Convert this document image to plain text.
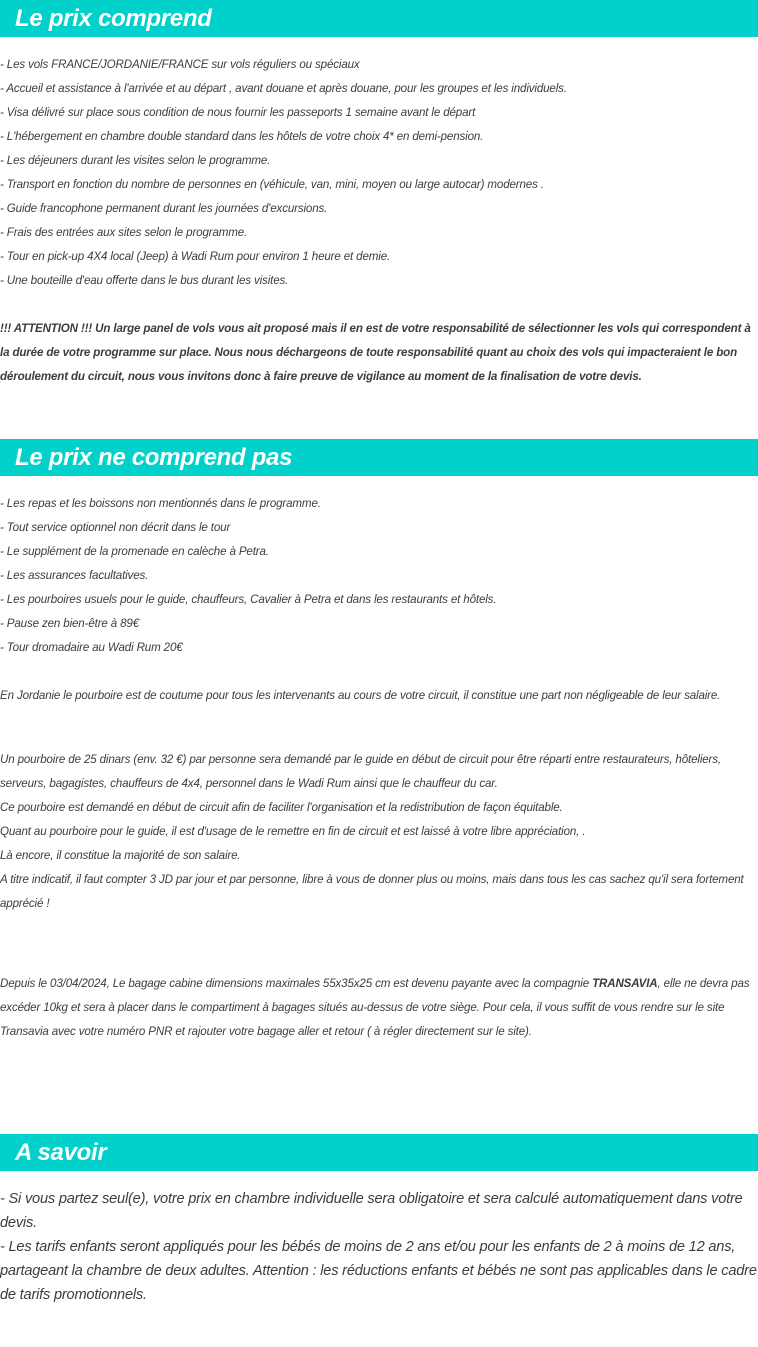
Le prix comprend

- Les vols FRANCE/JORDANIE/FRANCE sur vols réguliers ou spéciaux

- Accueil et assistance à l'arrivée et au départ , avant douane et après douane, pour les groupes et les individuels.

- Visa délivré sur place sous condition de nous fournir les passeports 1 semaine avant le départ

- L'hébergement en chambre double standard dans les hôtels de votre choix 4* en demi-pension.

- Les déjeuners durant les visites selon le programme.

- Transport en fonction du nombre de personnes en (véhicule, van, mini, moyen ou large autocar) modernes .

- Guide francophone permanent durant les journées d'excursions.

- Frais des entrées aux sites selon le programme.

- Tour en pick-up 4X4 local (Jeep) à Wadi Rum pour environ 1 heure et demie.

- Une bouteille d'eau offerte dans le bus durant les visites.

!!! ATTENTION !!! Un large panel de vols vous ait proposé mais il en est de votre responsabilité de sélectionner les vols qui correspondent à la durée de votre programme sur place. Nous nous déchargeons de toute responsabilité quant au choix des vols qui impacteraient le bon déroulement du circuit, nous vous invitons donc à faire preuve de vigilance au moment de la finalisation de votre devis.

Le prix ne comprend pas

- Les repas et les boissons non mentionnés dans le programme.

- Tout service optionnel non décrit dans le tour

- Le supplément de la promenade en calèche à Petra.

- Les assurances facultatives.

- Les pourboires usuels pour le guide, chauffeurs, Cavalier à Petra et dans les restaurants et hôtels.

- Pause zen bien-être à 89€

- Tour dromadaire au Wadi Rum 20€

En Jordanie le pourboire est de coutume pour tous les intervenants au cours de votre circuit, il constitue une part non négligeable de leur salaire.

Un pourboire de 25 dinars (env. 32 €) par personne sera demandé par le guide en début de circuit pour être réparti entre restaurateurs, hôteliers, serveurs, bagagistes, chauffeurs de 4x4, personnel dans le Wadi Rum ainsi que le chauffeur du car.

Ce pourboire est demandé en début de circuit afin de faciliter l'organisation et la redistribution de façon équitable.

Quant au pourboire pour le guide, il est d'usage de le remettre en fin de circuit et est laissé à votre libre appréciation, .

Là encore, il constitue la majorité de son salaire.

A titre indicatif, il faut compter 3 JD par jour et par personne, libre à vous de donner plus ou moins, mais dans tous les cas sachez qu'il sera fortement apprécié !

Depuis le 03/04/2024, Le bagage cabine dimensions maximales 55x35x25 cm est devenu payante avec la compagnie TRANSAVIA, elle ne devra pas excéder 10kg et sera à placer dans le compartiment à bagages situés au-dessus de votre siège. Pour cela, il vous suffit de vous rendre sur le site Transavia avec votre numéro PNR et rajouter votre bagage aller et retour ( à régler directement sur le site).

A savoir

- Si vous partez seul(e), votre prix en chambre individuelle sera obligatoire et sera calculé automatiquement dans votre devis.

- Les tarifs enfants seront appliqués pour les bébés de moins de 2 ans et/ou pour les enfants de 2 à moins de 12 ans, partageant la chambre de deux adultes. Attention : les réductions enfants et bébés ne sont pas applicables dans le cadre de tarifs promotionnels.
